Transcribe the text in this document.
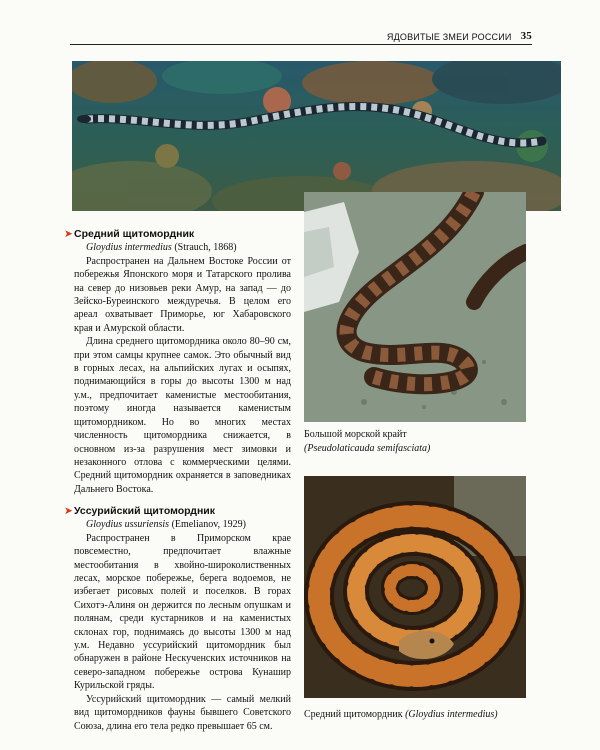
ЯДОВИТЫЕ ЗМЕИ РОССИИ 35
Большой морской крайт
(Pseudolaticauda semifasciata)
Средний щитомордник (Gloydius intermedius)
➤ Средний щитомордник
Gloydius intermedius (Strauch, 1868)

Распространен на Дальнем Востоке России от побережья Японского моря и Татарского пролива на север до низовьев реки Амур, на запад — до Зейско-Буреинского междуречья. В целом его ареал охватывает Приморье, юг Хабаровского края и Амурской области.

Длина среднего щитомордника около 80–90 см, при этом самцы крупнее самок. Это обычный вид в горных лесах, на альпийских лугах и осыпях, поднимающийся в горы до высоты 1300 м над у.м., предпочитает каменистые местообитания, поэтому иногда называется каменистым щитомордником. Но во многих местах численность щитомордника снижается, в основном из-за разрушения мест зимовки и незаконного отлова с коммерческими целями. Средний щитомордник охраняется в заповедниках Дальнего Востока.

➤ Уссурийский щитомордник
Gloydius ussuriensis (Emelianov, 1929)

Распространен в Приморском крае повсеместно, предпочитает влажные местообитания в хвойно-широколиственных лесах, морское побережье, берега водоемов, не избегает рисовых полей и поселков. В горах Сихотэ-Алиня он держится по лесным опушкам и полянам, среди кустарников и на каменистых склонах гор, поднимаясь до высоты 1300 м над у.м. Недавно уссурийский щитомордник был обнаружен в районе Нескученских источников на северо-западном побережье острова Кунашир Курильской гряды.

Уссурийский щитомордник — самый мелкий вид щитомордников фауны бывшего Советского Союза, длина его тела редко превышает 65 см.
